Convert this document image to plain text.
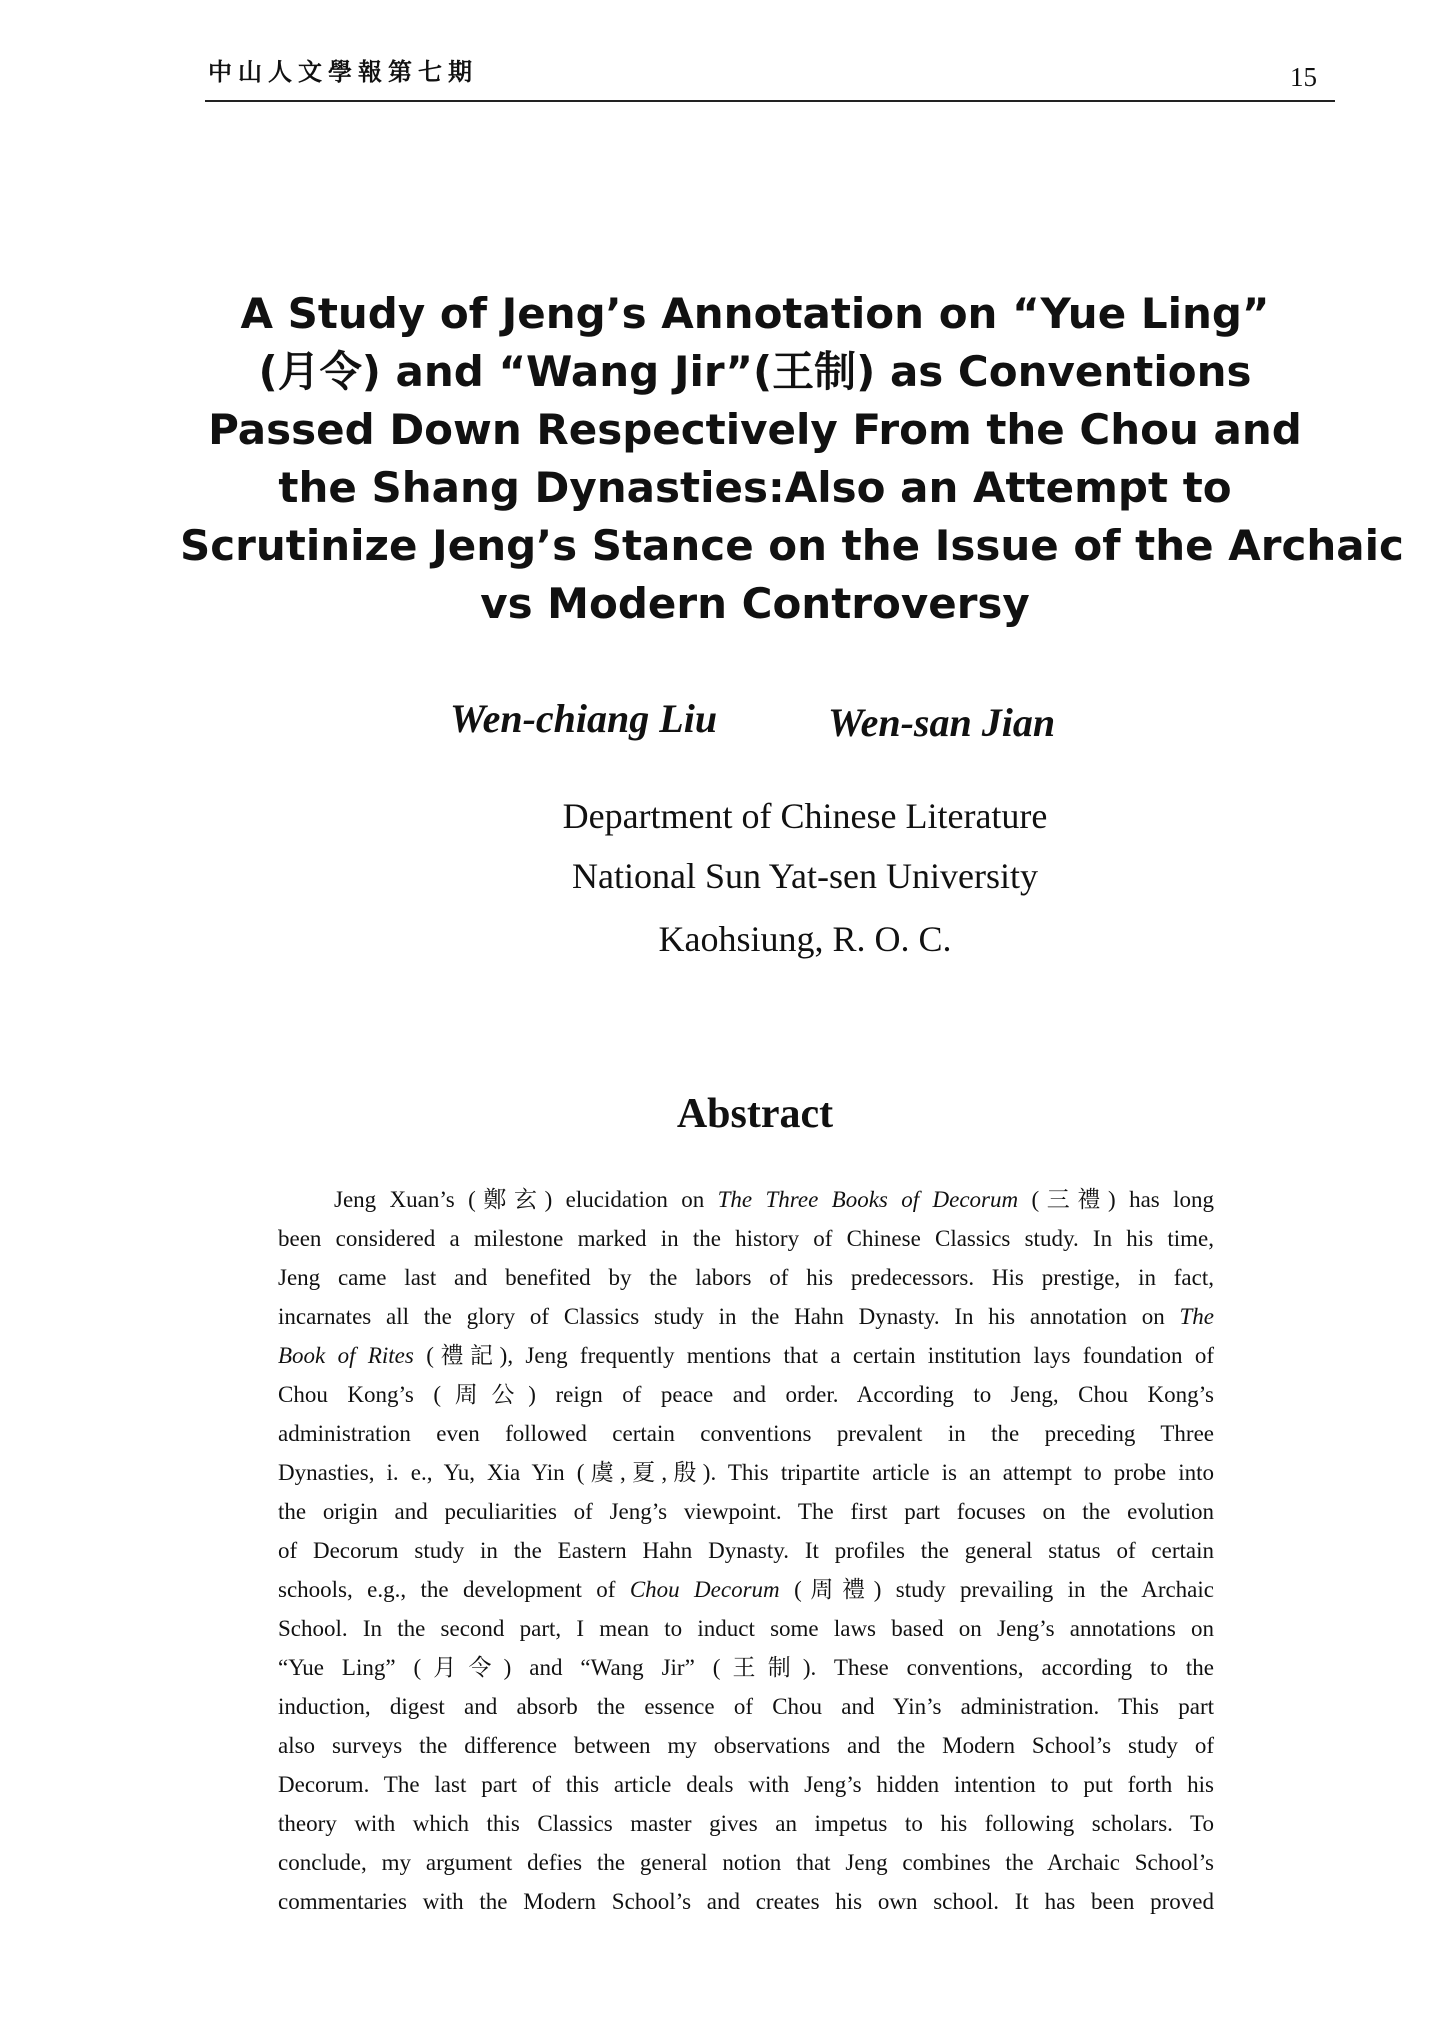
中山人文學報第七期	15
A Study of Jeng’s Annotation on “Yue Ling”
(月令) and “Wang Jir”(王制) as Conventions
Passed Down Respectively From the Chou and
the Shang Dynasties:Also an Attempt to
Scrutinize Jeng’s Stance on the Issue of the Archaic
vs Modern Controversy
Wen-chiang Liu	Wen-san Jian
Department of Chinese Literature
National Sun Yat-sen University
Kaohsiung, R. O. C.
Abstract
Jeng Xuan’s (鄭玄) elucidation on The Three Books of Decorum (三禮) has long
been considered a milestone marked in the history of Chinese Classics study. In his time,
Jeng came last and benefited by the labors of his predecessors. His prestige, in fact,
incarnates all the glory of Classics study in the Hahn Dynasty. In his annotation on The
Book of Rites (禮記), Jeng frequently mentions that a certain institution lays foundation of
Chou Kong’s (周公) reign of peace and order. According to Jeng, Chou Kong’s
administration even followed certain conventions prevalent in the preceding Three
Dynasties, i. e., Yu, Xia Yin (虞,夏,殷). This tripartite article is an attempt to probe into
the origin and peculiarities of Jeng’s viewpoint. The first part focuses on the evolution
of Decorum study in the Eastern Hahn Dynasty. It profiles the general status of certain
schools, e.g., the development of Chou Decorum (周禮) study prevailing in the Archaic
School. In the second part, I mean to induct some laws based on Jeng’s annotations on
“Yue Ling” (月令) and “Wang Jir” (王制). These conventions, according to the
induction, digest and absorb the essence of Chou and Yin’s administration. This part
also surveys the difference between my observations and the Modern School’s study of
Decorum. The last part of this article deals with Jeng’s hidden intention to put forth his
theory with which this Classics master gives an impetus to his following scholars. To
conclude, my argument defies the general notion that Jeng combines the Archaic School’s
commentaries with the Modern School’s and creates his own school. It has been proved
